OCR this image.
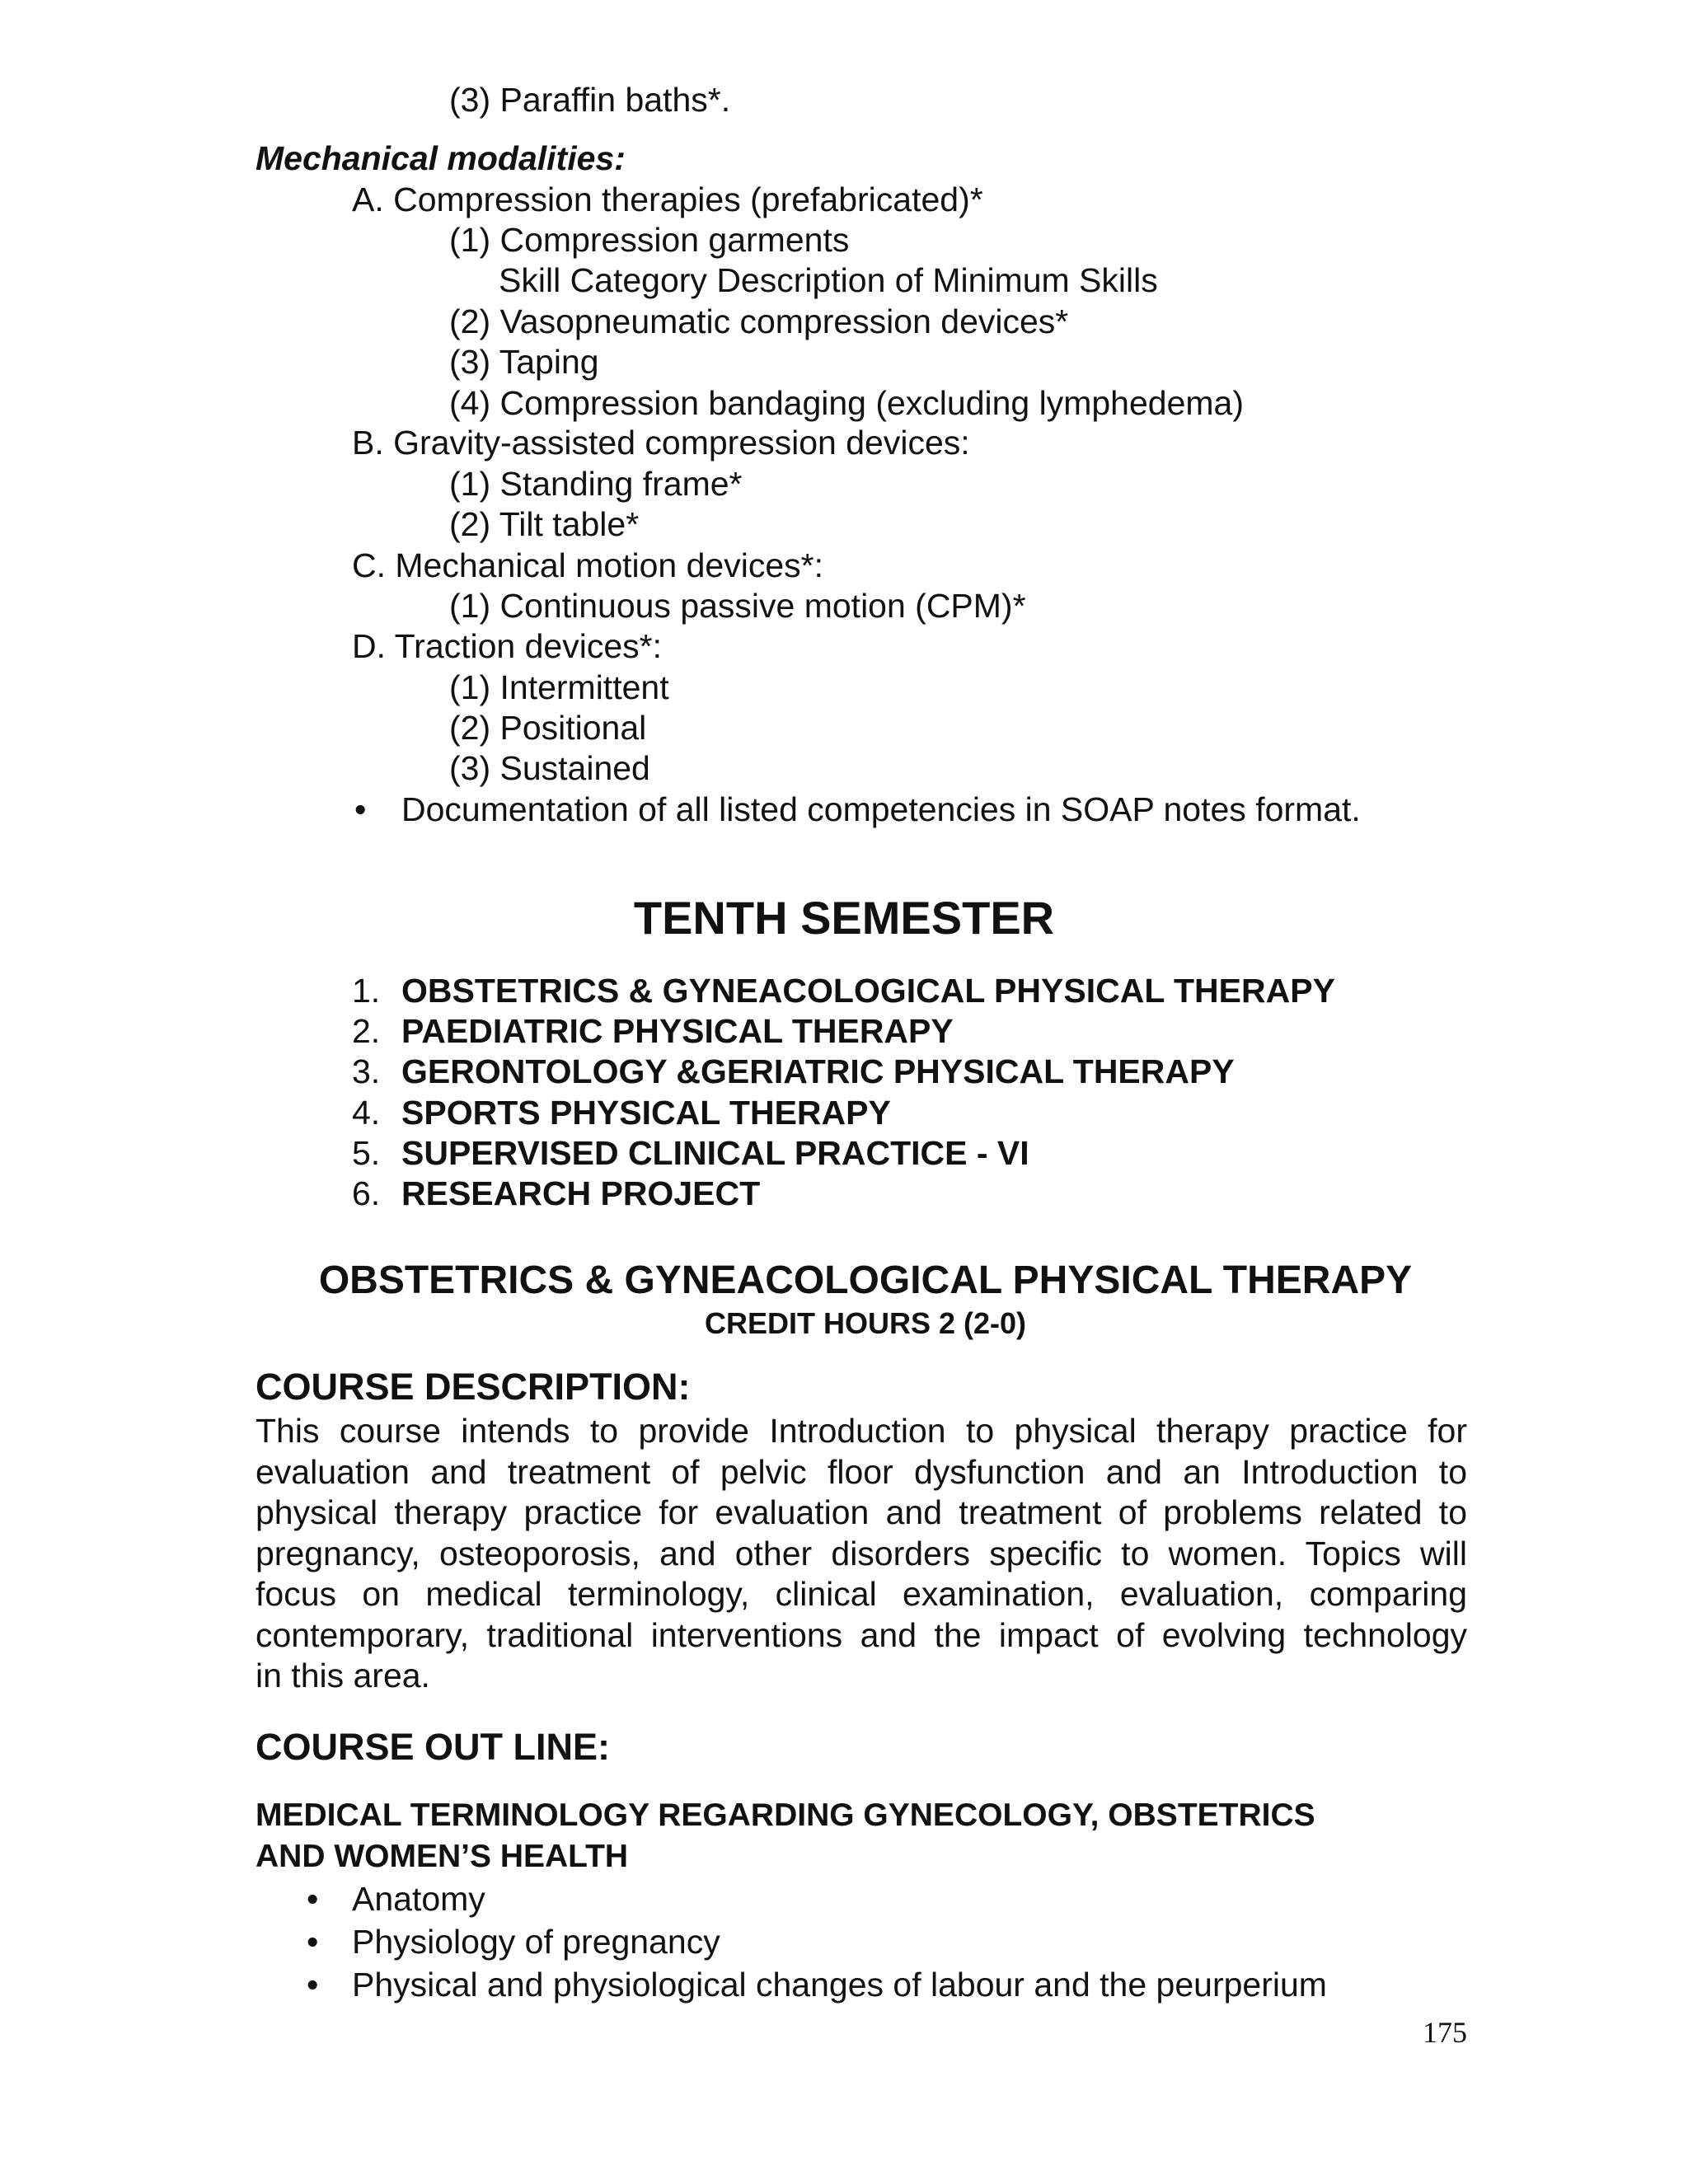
(3) Paraffin baths*.
Mechanical modalities:
A. Compression therapies (prefabricated)*
(1) Compression garments
Skill Category Description of Minimum Skills
(2) Vasopneumatic compression devices*
(3) Taping
(4) Compression bandaging (excluding lymphedema)
B. Gravity-assisted compression devices:
(1) Standing frame*
(2) Tilt table*
C. Mechanical motion devices*:
(1) Continuous passive motion (CPM)*
D. Traction devices*:
(1) Intermittent
(2) Positional
(3) Sustained
• Documentation of all listed competencies in SOAP notes format.
TENTH SEMESTER
1. OBSTETRICS & GYNEACOLOGICAL PHYSICAL THERAPY
2. PAEDIATRIC PHYSICAL THERAPY
3. GERONTOLOGY &GERIATRIC PHYSICAL THERAPY
4. SPORTS PHYSICAL THERAPY
5. SUPERVISED CLINICAL PRACTICE - VI
6. RESEARCH PROJECT
OBSTETRICS & GYNEACOLOGICAL PHYSICAL THERAPY
CREDIT HOURS 2 (2-0)
COURSE DESCRIPTION:
This course intends to provide Introduction to physical therapy practice for
evaluation and treatment of pelvic floor dysfunction and an Introduction to
physical therapy practice for evaluation and treatment of problems related to
pregnancy, osteoporosis, and other disorders specific to women. Topics will
focus on medical terminology, clinical examination, evaluation, comparing
contemporary, traditional interventions and the impact of evolving technology
in this area.
COURSE OUT LINE:
MEDICAL TERMINOLOGY REGARDING GYNECOLOGY, OBSTETRICS
AND WOMEN’S HEALTH
• Anatomy
• Physiology of pregnancy
• Physical and physiological changes of labour and the peurperium
175
